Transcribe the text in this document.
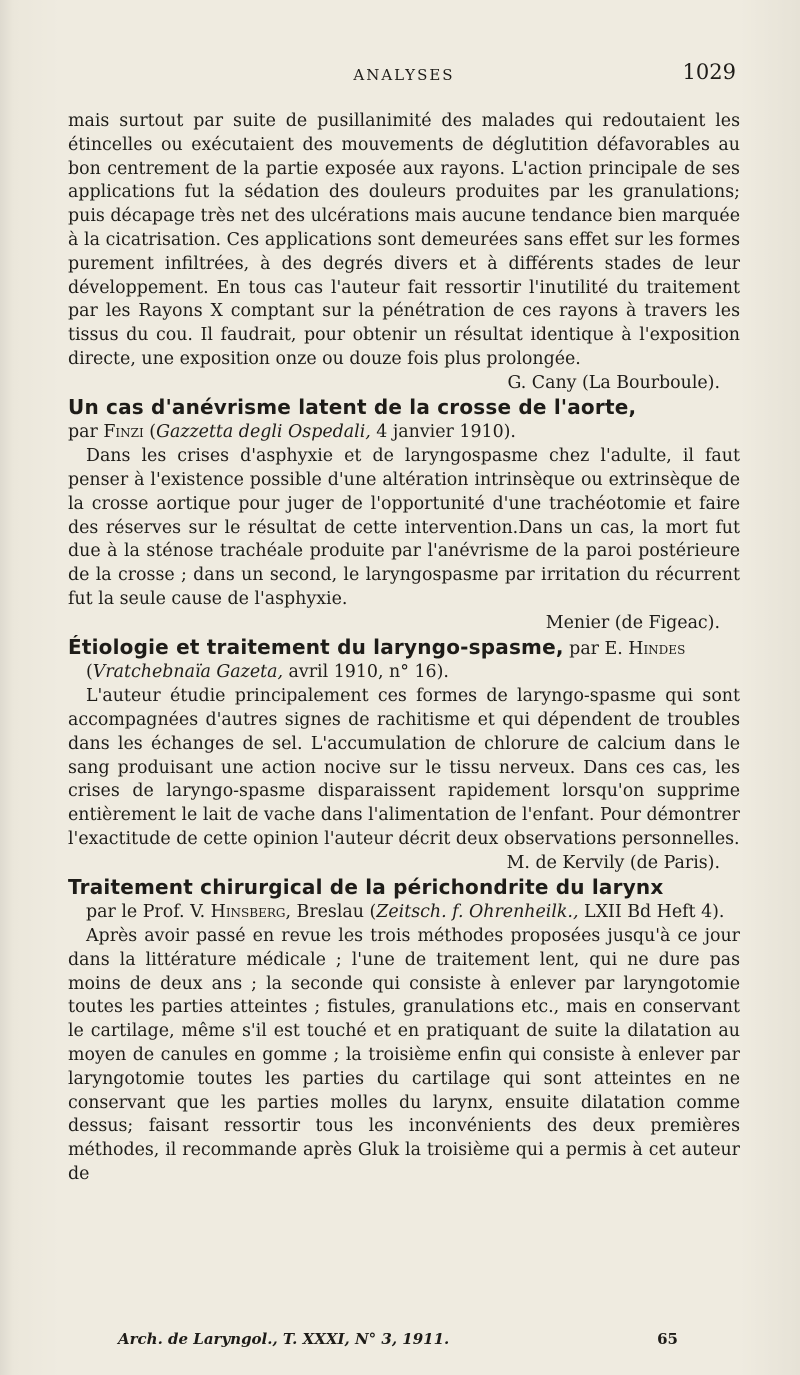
ANALYSES	1029

mais surtout par suite de pusillanimité des malades qui redoutaient les étincelles ou exécutaient des mouvements de déglutition défavorables au bon centrement de la partie exposée aux rayons. L'action principale de ses applications fut la sédation des douleurs produites par les granulations; puis décapage très net des ulcérations mais aucune tendance bien marquée à la cicatrisation. Ces applications sont demeurées sans effet sur les formes purement infiltrées, à des degrés divers et à différents stades de leur développement. En tous cas l'auteur fait ressortir l'inutilité du traitement par les Rayons X comptant sur la pénétration de ces rayons à travers les tissus du cou. Il faudrait, pour obtenir un résultat identique à l'exposition directe, une exposition onze ou douze fois plus prolongée.

G. Cany (La Bourboule).

Un cas d'anévrisme latent de la crosse de l'aorte,
par Finzi (Gazzetta degli Ospedali, 4 janvier 1910).

Dans les crises d'asphyxie et de laryngospasme chez l'adulte, il faut penser à l'existence possible d'une altération intrinsèque ou extrinsèque de la crosse aortique pour juger de l'opportunité d'une trachéotomie et faire des réserves sur le résultat de cette intervention.Dans un cas, la mort fut due à la sténose trachéale produite par l'anévrisme de la paroi postérieure de la crosse ; dans un second, le laryngospasme par irritation du récurrent fut la seule cause de l'asphyxie.

Menier (de Figeac).

Étiologie et traitement du laryngo-spasme, par E. Hindes

(Vratchebnaïa Gazeta, avril 1910, n° 16).

L'auteur étudie principalement ces formes de laryngo-spasme qui sont accompagnées d'autres signes de rachitisme et qui dépendent de troubles dans les échanges de sel. L'accumulation de chlorure de calcium dans le sang produisant une action nocive sur le tissu nerveux. Dans ces cas, les crises de laryngo-spasme disparaissent rapidement lorsqu'on supprime entièrement le lait de vache dans l'alimentation de l'enfant. Pour démontrer l'exactitude de cette opinion l'auteur décrit deux observations personnelles.

M. de Kervily (de Paris).

Traitement chirurgical de la périchondrite du larynx

par le Prof. V. Hinsberg, Breslau (Zeitsch. f. Ohrenheilk., LXII Bd Heft 4).

Après avoir passé en revue les trois méthodes proposées jusqu'à ce jour dans la littérature médicale ; l'une de traitement lent, qui ne dure pas moins de deux ans ; la seconde qui consiste à enlever par laryngotomie toutes les parties atteintes ; fistules, granulations etc., mais en conservant le cartilage, même s'il est touché et en pratiquant de suite la dilatation au moyen de canules en gomme ; la troisième enfin qui consiste à enlever par laryngotomie toutes les parties du cartilage qui sont atteintes en ne conservant que les parties molles du larynx, ensuite dilatation comme dessus; faisant ressortir tous les inconvénients des deux premières méthodes, il recommande après Gluk la troisième qui a permis à cet auteur de

Arch. de Laryngol., T. XXXI, N° 3, 1911.	65
